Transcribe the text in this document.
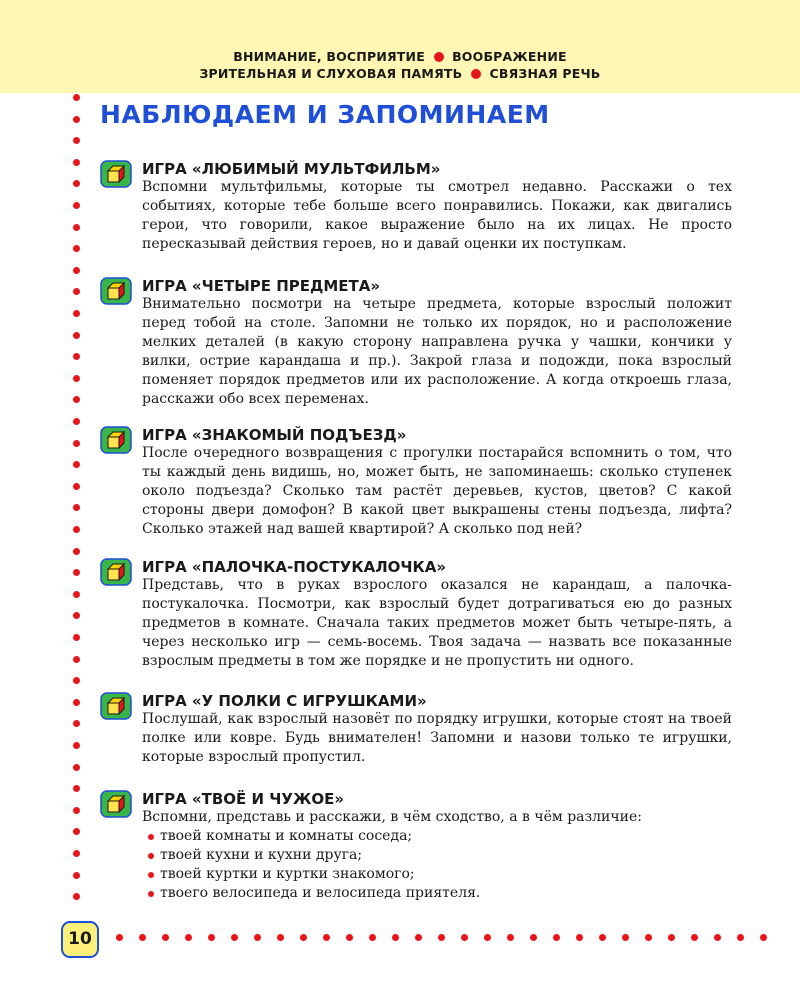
ВНИМАНИЕ, ВОСПРИЯТИЕ ВООБРАЖЕНИЕ
ЗРИТЕЛЬНАЯ И СЛУХОВАЯ ПАМЯТЬ СВЯЗНАЯ РЕЧЬ
НАБЛЮДАЕМ И ЗАПОМИНАЕМ
ИГРА «ЛЮБИМЫЙ МУЛЬТФИЛЬМ»

Вспомни мультфильмы, которые ты смотрел недавно. Расскажи о тех событиях, которые тебе больше всего понравились. Покажи, как двигались герои, что говорили, какое выражение было на их лицах. Не просто пересказывай действия героев, но и давай оценки их поступкам.

ИГРА «ЧЕТЫРЕ ПРЕДМЕТА»

Внимательно посмотри на четыре предмета, которые взрослый положит перед тобой на столе. Запомни не только их порядок, но и расположение мелких деталей (в какую сторону направлена ручка у чашки, кончики у вилки, острие карандаша и пр.). Закрой глаза и подожди, пока взрослый поменяет порядок предметов или их расположение. А когда откроешь глаза, расскажи обо всех переменах.

ИГРА «ЗНАКОМЫЙ ПОДЪЕЗД»

После очередного возвращения с прогулки постарайся вспомнить о том, что ты каждый день видишь, но, может быть, не запоминаешь: сколько ступенек около подъезда? Сколько там растёт деревьев, кустов, цветов? С какой стороны двери домофон? В какой цвет выкрашены стены подъезда, лифта? Сколько этажей над вашей квартирой? А сколько под ней?

ИГРА «ПАЛОЧКА-ПОСТУКАЛОЧКА»

Представь, что в руках взрослого оказался не карандаш, а палочка-постукалочка. Посмотри, как взрослый будет дотрагиваться ею до разных предметов в комнате. Сначала таких предметов может быть четыре-пять, а через несколько игр — семь-восемь. Твоя задача — назвать все показанные взрослым предметы в том же порядке и не пропустить ни одного.

ИГРА «У ПОЛКИ С ИГРУШКАМИ»

Послушай, как взрослый назовёт по порядку игрушки, которые стоят на твоей полке или ковре. Будь внимателен! Запомни и назови только те игрушки, которые взрослый пропустил.

ИГРА «ТВОЁ И ЧУЖОЕ»

Вспомни, представь и расскажи, в чём сходство, а в чём различие:

твоей комнаты и комнаты соседа;
твоей кухни и кухни друга;
твоей куртки и куртки знакомого;
твоего велосипеда и велосипеда приятеля.
10
